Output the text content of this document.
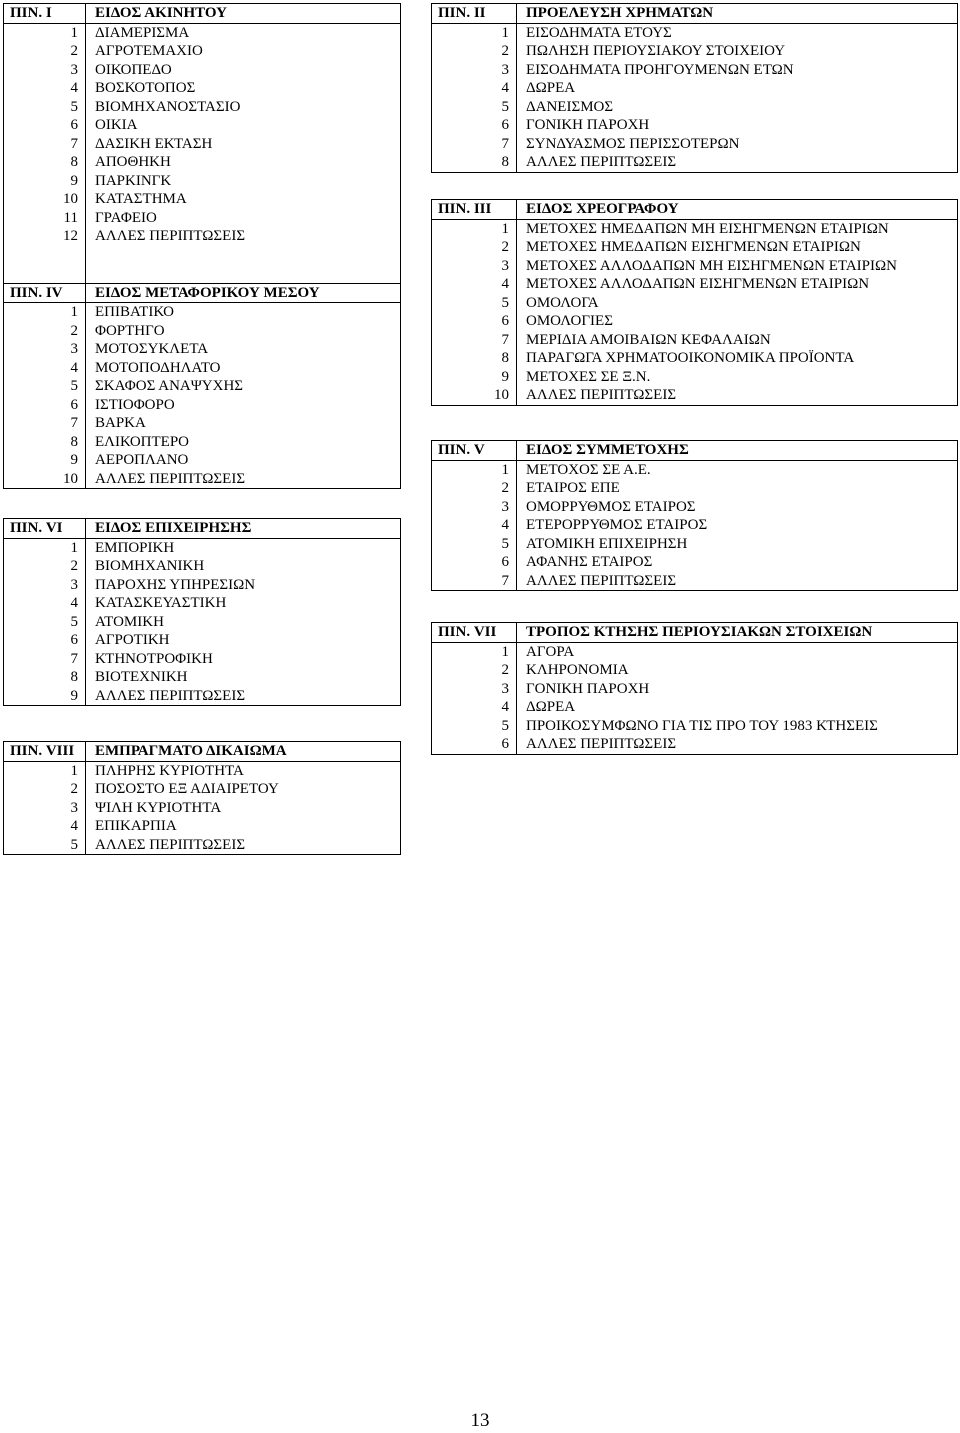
ΠΙΝ. Ι	ΕΙΔΟΣ ΑΚΙΝΗΤΟΥ
1	ΔΙΑΜΕΡΙΣΜΑ
2	ΑΓΡΟΤΕΜΑΧΙΟ
3	ΟΙΚΟΠΕΔΟ
4	ΒΟΣΚΟΤΟΠΟΣ
5	ΒΙΟΜΗΧΑΝΟΣΤΑΣΙΟ
6	ΟΙΚΙΑ
7	ΔΑΣΙΚΗ ΕΚΤΑΣΗ
8	ΑΠΟΘΗΚΗ
9	ΠΑΡΚΙΝΓΚ
10	ΚΑΤΑΣΤΗΜΑ
11	ΓΡΑΦΕΙΟ
12	ΑΛΛΕΣ ΠΕΡΙΠΤΩΣΕΙΣ

ΠΙΝ. IV	ΕΙΔΟΣ ΜΕΤΑΦΟΡΙΚΟΥ ΜΕΣΟΥ
1	ΕΠΙΒΑΤΙΚΟ
2	ΦΟΡΤΗΓΟ
3	ΜΟΤΟΣΥΚΛΕΤΑ
4	ΜΟΤΟΠΟΔΗΛΑΤΟ
5	ΣΚΑΦΟΣ ΑΝΑΨΥΧΗΣ
6	ΙΣΤΙΟΦΟΡΟ
7	ΒΑΡΚΑ
8	ΕΛΙΚΟΠΤΕΡΟ
9	ΑΕΡΟΠΛΑΝΟ
10	ΑΛΛΕΣ ΠΕΡΙΠΤΩΣΕΙΣ
ΠΙΝ. VI	ΕΙΔΟΣ ΕΠΙΧΕΙΡΗΣΗΣ
1	ΕΜΠΟΡΙΚΗ
2	ΒΙΟΜΗΧΑΝΙΚΗ
3	ΠΑΡΟΧΗΣ ΥΠΗΡΕΣΙΩΝ
4	ΚΑΤΑΣΚΕΥΑΣΤΙΚΗ
5	ΑΤΟΜΙΚΗ
6	ΑΓΡΟΤΙΚΗ
7	ΚΤΗΝΟΤΡΟΦΙΚΗ
8	ΒΙΟΤΕΧΝΙΚΗ
9	ΑΛΛΕΣ ΠΕΡΙΠΤΩΣΕΙΣ
ΠΙΝ. VIII	ΕΜΠΡΑΓΜΑΤΟ ΔΙΚΑΙΩΜΑ
1	ΠΛΗΡΗΣ ΚΥΡΙΟΤΗΤΑ
2	ΠΟΣΟΣΤΟ ΕΞ ΑΔΙΑΙΡΕΤΟΥ
3	ΨΙΛΗ ΚΥΡΙΟΤΗΤΑ
4	ΕΠΙΚΑΡΠΙΑ
5	ΑΛΛΕΣ ΠΕΡΙΠΤΩΣΕΙΣ
ΠΙΝ. ΙΙ	ΠΡΟΕΛΕΥΣΗ ΧΡΗΜΑΤΩΝ
1	ΕΙΣΟΔΗΜΑΤΑ ΕΤΟΥΣ
2	ΠΩΛΗΣΗ ΠΕΡΙΟΥΣΙΑΚΟΥ ΣΤΟΙΧΕΙΟΥ
3	ΕΙΣΟΔΗΜΑΤΑ ΠΡΟΗΓΟΥΜΕΝΩΝ ΕΤΩΝ
4	ΔΩΡΕΑ
5	ΔΑΝΕΙΣΜΟΣ
6	ΓΟΝΙΚΗ ΠΑΡΟΧΗ
7	ΣΥΝΔΥΑΣΜΟΣ ΠΕΡΙΣΣΟΤΕΡΩΝ
8	ΑΛΛΕΣ ΠΕΡΙΠΤΩΣΕΙΣ
ΠΙΝ. ΙΙΙ	ΕΙΔΟΣ ΧΡΕΟΓΡΑΦΟΥ
1	ΜΕΤΟΧΕΣ ΗΜΕΔΑΠΩΝ ΜΗ ΕΙΣΗΓΜΕΝΩΝ ΕΤΑΙΡΙΩΝ
2	ΜΕΤΟΧΕΣ ΗΜΕΔΑΠΩΝ ΕΙΣΗΓΜΕΝΩΝ ΕΤΑΙΡΙΩΝ
3	ΜΕΤΟΧΕΣ ΑΛΛΟΔΑΠΩΝ ΜΗ ΕΙΣΗΓΜΕΝΩΝ ΕΤΑΙΡΙΩΝ
4	ΜΕΤΟΧΕΣ ΑΛΛΟΔΑΠΩΝ ΕΙΣΗΓΜΕΝΩΝ ΕΤΑΙΡΙΩΝ
5	ΟΜΟΛΟΓΑ
6	ΟΜΟΛΟΓΙΕΣ
7	ΜΕΡΙΔΙΑ ΑΜΟΙΒΑΙΩΝ ΚΕΦΑΛΑΙΩΝ
8	ΠΑΡΑΓΩΓΑ ΧΡΗΜΑΤΟΟΙΚΟΝΟΜΙΚΑ ΠΡΟΪΟΝΤΑ
9	ΜΕΤΟΧΕΣ ΣΕ Ξ.Ν.
10	ΑΛΛΕΣ ΠΕΡΙΠΤΩΣΕΙΣ
ΠΙΝ. V	ΕΙΔΟΣ ΣΥΜΜΕΤΟΧΗΣ
1	ΜΕΤΟΧΟΣ ΣΕ Α.Ε.
2	ΕΤΑΙΡΟΣ ΕΠΕ
3	ΟΜΟΡΡΥΘΜΟΣ ΕΤΑΙΡΟΣ
4	ΕΤΕΡΟΡΡΥΘΜΟΣ ΕΤΑΙΡΟΣ
5	ΑΤΟΜΙΚΗ ΕΠΙΧΕΙΡΗΣΗ
6	ΑΦΑΝΗΣ ΕΤΑΙΡΟΣ
7	ΑΛΛΕΣ ΠΕΡΙΠΤΩΣΕΙΣ
ΠΙΝ. VII	ΤΡΟΠΟΣ ΚΤΗΣΗΣ ΠΕΡΙΟΥΣΙΑΚΩΝ ΣΤΟΙΧΕΙΩΝ
1	ΑΓΟΡΑ
2	ΚΛΗΡΟΝΟΜΙΑ
3	ΓΟΝΙΚΗ ΠΑΡΟΧΗ
4	ΔΩΡΕΑ
5	ΠΡΟΙΚΟΣΥΜΦΩΝΟ ΓΙΑ ΤΙΣ ΠΡΟ ΤΟΥ 1983 ΚΤΗΣΕΙΣ
6	ΑΛΛΕΣ ΠΕΡΙΠΤΩΣΕΙΣ
13
